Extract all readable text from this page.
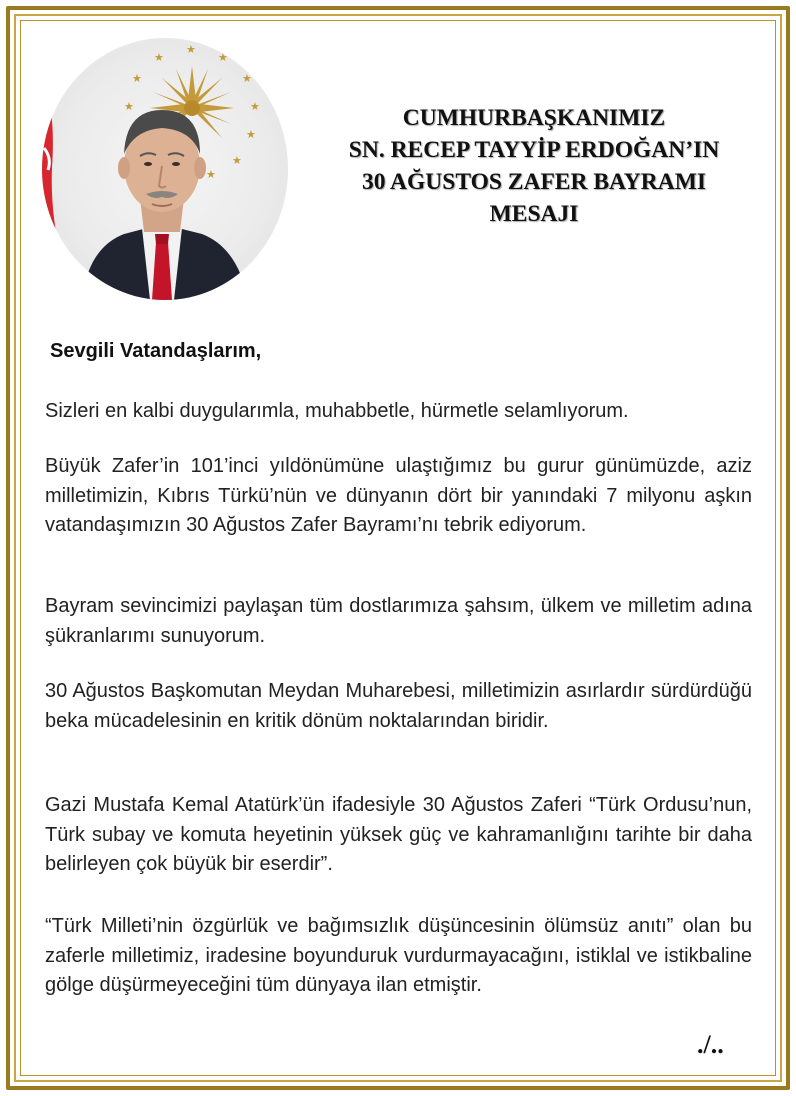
★
★	★
★	★
★	★
★
★
★
CUMHURBAŞKANIMIZ
SN. RECEP TAYYİP ERDOĞAN’IN
30 AĞUSTOS ZAFER BAYRAMI
MESAJI
Sevgili Vatandaşlarım,

Sizleri en kalbi duygularımla, muhabbetle, hürmetle selamlıyorum.

Büyük Zafer’in 101’inci yıldönümüne ulaştığımız bu gurur günümüzde, aziz milletimizin, Kıbrıs Türkü’nün ve dünyanın dört bir yanındaki 7 milyonu aşkın vatandaşımızın 30 Ağustos Zafer Bayramı’nı tebrik ediyorum.

Bayram sevincimizi paylaşan tüm dostlarımıza şahsım, ülkem ve milletim adına şükranlarımı sunuyorum.

30 Ağustos Başkomutan Meydan Muharebesi, milletimizin asırlardır sürdürdüğü beka mücadelesinin en kritik dönüm noktalarından biridir.

Gazi Mustafa Kemal Atatürk’ün ifadesiyle 30 Ağustos Zaferi “Türk Ordusu’nun, Türk subay ve komuta heyetinin yüksek güç ve kahramanlığını tarihte bir daha belirleyen çok büyük bir eserdir”.

“Türk Milleti’nin özgürlük ve bağımsızlık düşüncesinin ölümsüz anıtı” olan bu zaferle milletimiz, iradesine boyunduruk vurdurmayacağını, istiklal ve istikbaline gölge düşürmeyeceğini tüm dünyaya ilan etmiştir.

./..
